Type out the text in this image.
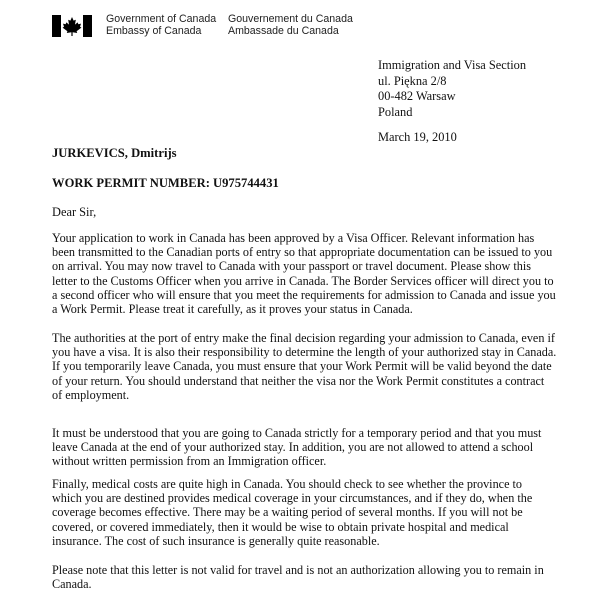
Government of Canada
Embassy of Canada
Gouvernement du Canada
Ambassade du Canada
Immigration and Visa Section
ul. Piękna 2/8
00-482 Warsaw
Poland
March 19, 2010
JURKEVICS, Dmitrijs
WORK PERMIT NUMBER: U975744431
Dear Sir,
Your application to work in Canada has been approved by a Visa Officer. Relevant information has
been transmitted to the Canadian ports of entry so that appropriate documentation can be issued to you
on arrival. You may now travel to Canada with your passport or travel document. Please show this
letter to the Customs Officer when you arrive in Canada. The Border Services officer will direct you to
a second officer who will ensure that you meet the requirements for admission to Canada and issue you
a Work Permit. Please treat it carefully, as it proves your status in Canada.
The authorities at the port of entry make the final decision regarding your admission to Canada, even if
you have a visa. It is also their responsibility to determine the length of your authorized stay in Canada.
If you temporarily leave Canada, you must ensure that your Work Permit will be valid beyond the date
of your return. You should understand that neither the visa nor the Work Permit constitutes a contract
of employment.
It must be understood that you are going to Canada strictly for a temporary period and that you must
leave Canada at the end of your authorized stay. In addition, you are not allowed to attend a school
without written permission from an Immigration officer.
Finally, medical costs are quite high in Canada. You should check to see whether the province to
which you are destined provides medical coverage in your circumstances, and if they do, when the
coverage becomes effective. There may be a waiting period of several months. If you will not be
covered, or covered immediately, then it would be wise to obtain private hospital and medical
insurance. The cost of such insurance is generally quite reasonable.
Please note that this letter is not valid for travel and is not an authorization allowing you to remain in
Canada.
